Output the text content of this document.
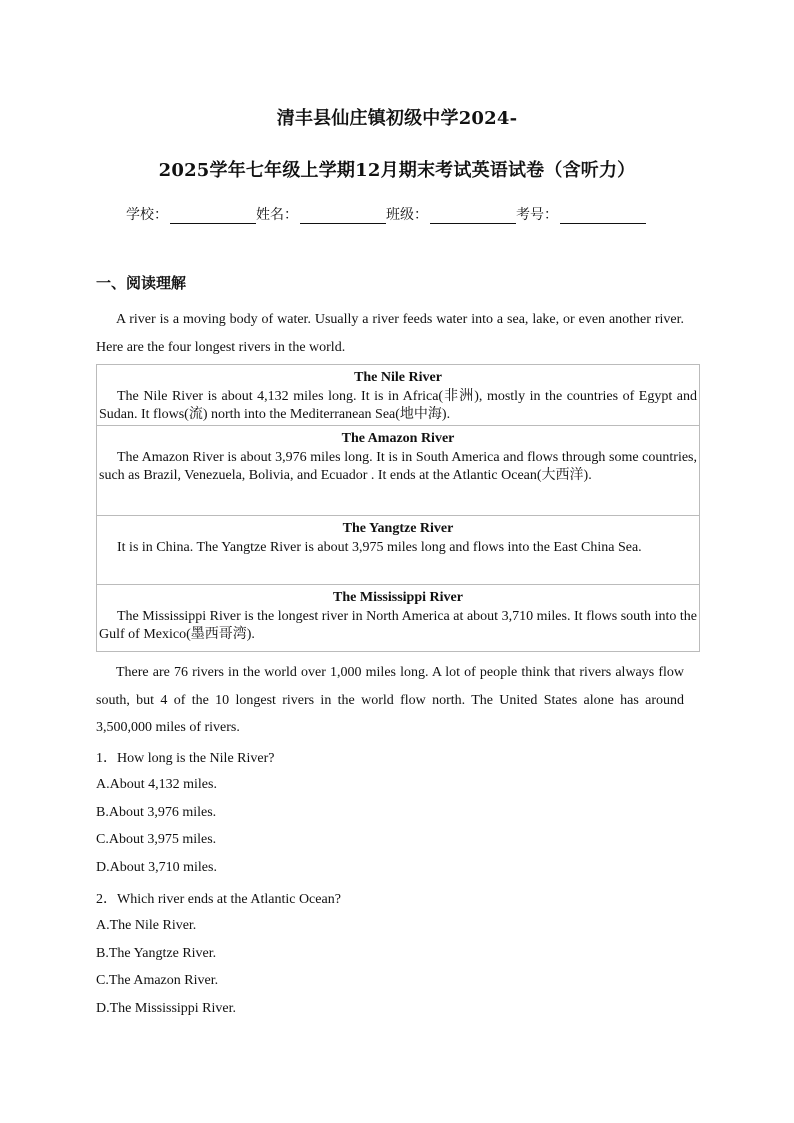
清丰县仙庄镇初级中学2024-
2025学年七年级上学期12月期末考试英语试卷（含听力）
学校：	姓名：	班级：	考号：
一、阅读理解
A river is a moving body of water. Usually a river feeds water into a sea, lake, or even another river. Here are the four longest rivers in the world.
The Nile River
The Nile River is about 4,132 miles long. It is in Africa(非洲), mostly in the countries of Egypt and Sudan. It flows(流) north into the Mediterranean Sea(地中海).
The Amazon River
The Amazon River is about 3,976 miles long. It is in South America and flows through some countries, such as Brazil, Venezuela, Bolivia, and Ecuador . It ends at the Atlantic Ocean(大西洋).
The Yangtze River
It is in China. The Yangtze River is about 3,975 miles long and flows into the East China Sea.
The Mississippi River
The Mississippi River is the longest river in North America at about 3,710 miles. It flows south into the Gulf of Mexico(墨西哥湾).
There are 76 rivers in the world over 1,000 miles long. A lot of people think that rivers always flow south, but 4 of the 10 longest rivers in the world flow north. The United States alone has around 3,500,000 miles of rivers.
1．How long is the Nile River?
A.About 4,132 miles.
B.About 3,976 miles.
C.About 3,975 miles.
D.About 3,710 miles.
2．Which river ends at the Atlantic Ocean?
A.The Nile River.
B.The Yangtze River.
C.The Amazon River.
D.The Mississippi River.
